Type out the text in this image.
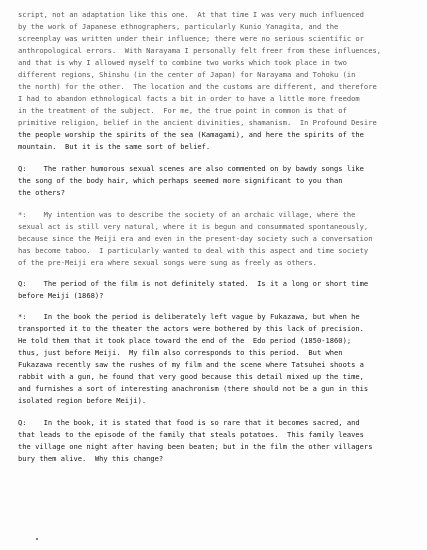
script, not an adaptation like this one.  At that time I was very much influenced
by the work of Japanese ethnographers, particularly Kunio Yanagita, and the
screenplay was written under their influence; there were no serious scientific or
anthropological errors.  With Narayama I personally felt freer from these influences,
and that is why I allowed myself to combine two works which took place in two
different regions, Shinshu (in the center of Japan) for Narayama and Tohoku (in
the north) for the other.  The location and the customs are different, and therefore
I had to abandon ethnological facts a bit in order to have a little more freedom
in the treatment of the subject.  For me, the true point in common is that of
primitive religion, belief in the ancient divinities, shamanism.  In Profound Desire
the people worship the spirits of the sea (Kamagami), and here the spirits of the
mountain.  But it is the same sort of belief.
Q:    The rather humorous sexual scenes are also commented on by bawdy songs like
the song of the body hair, which perhaps seemed more significant to you than
the others?
*:    My intention was to describe the society of an archaic village, where the
sexual act is still very natural, where it is begun and consummated spontaneously,
because since the Meiji era and even in the present-day society such a conversation
has become taboo.  I particularly wanted to deal with this aspect and time society
of the pre-Meiji era where sexual songs were sung as freely as others.
Q:    The period of the film is not definitely stated.  Is it a long or short time
before Meiji (1868)?
*:    In the book the period is deliberately left vague by Fukazawa, but when he
transported it to the theater the actors were bothered by this lack of precision.
He told them that it took place toward the end of the  Edo period (1850-1860);
thus, just before Meiji.  My film also corresponds to this period.  But when
Fukazawa recently saw the rushes of my film and the scene where Tatsuhei shoots a
rabbit with a gun, he found that very good because this detail mixed up the time,
and furnishes a sort of interesting anachronism (there should not be a gun in this
isolated region before Meiji).
Q:    In the book, it is stated that food is so rare that it becomes sacred, and
that leads to the episode of the family that steals potatoes.  This family leaves
the village one night after having been beaten; but in the film the other villagers
bury them alive.  Why this change?
